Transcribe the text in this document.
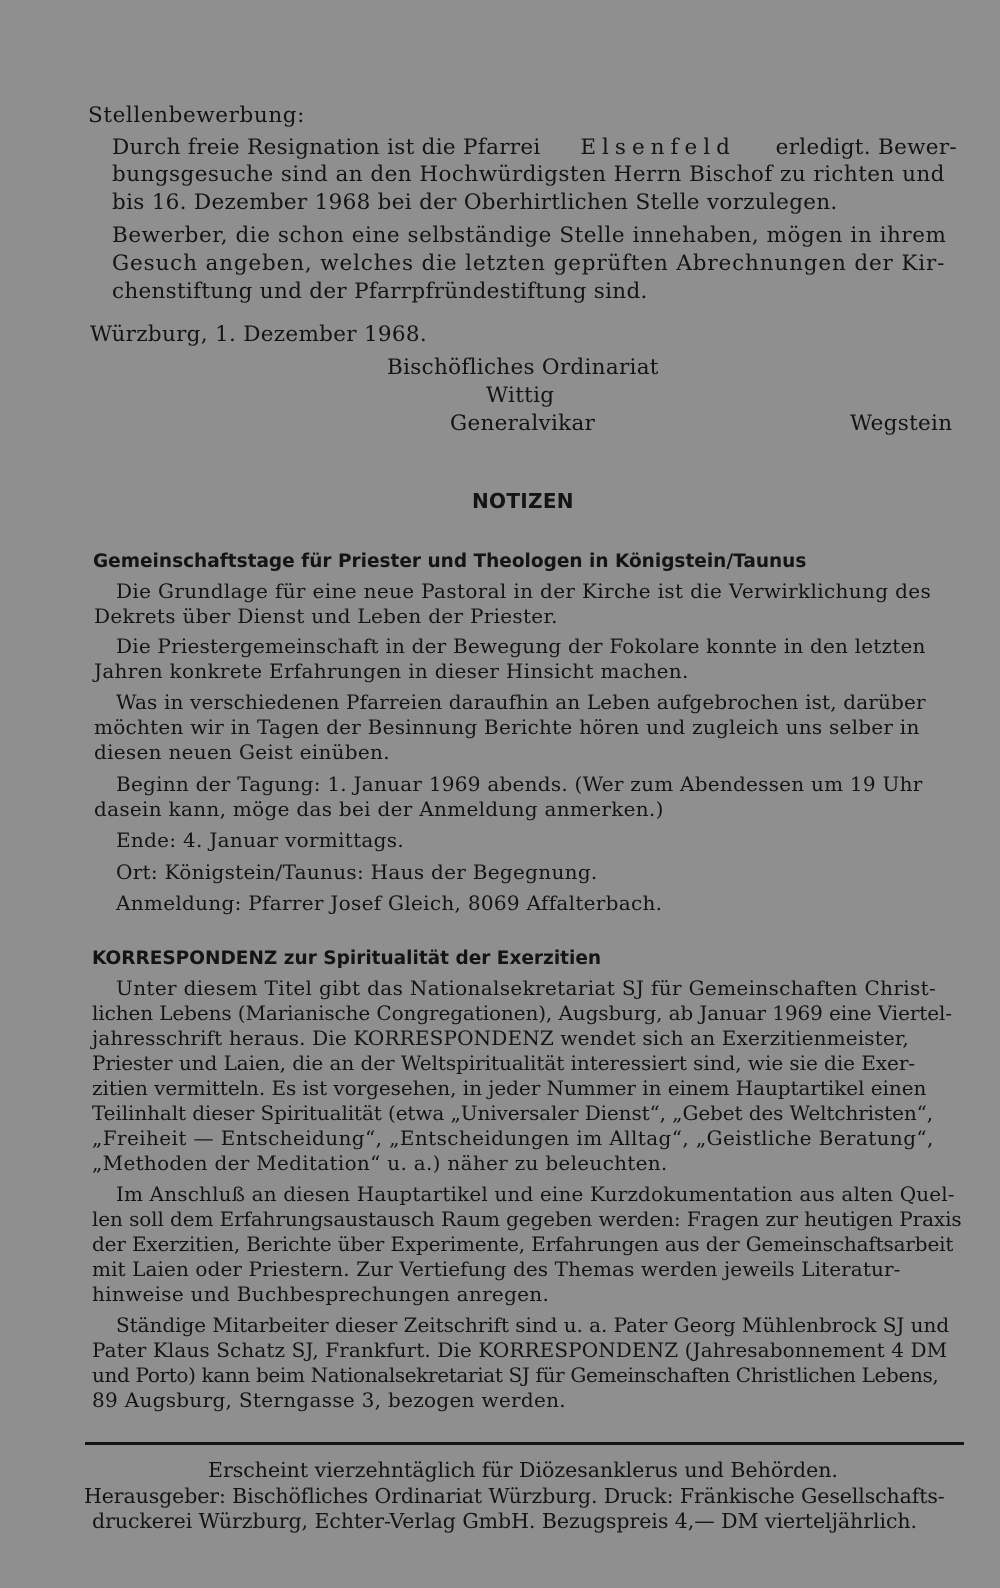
Stellenbewerbung:
Durch freie Resignation ist die Pfarrei Elsenfeld erledigt. Bewer-
bungsgesuche sind an den Hochwürdigsten Herrn Bischof zu richten und
bis 16. Dezember 1968 bei der Oberhirtlichen Stelle vorzulegen.
Bewerber, die schon eine selbständige Stelle innehaben, mögen in ihrem
Gesuch angeben, welches die letzten geprüften Abrechnungen der Kir-
chenstiftung und der Pfarrpfründestiftung sind.
Würzburg, 1. Dezember 1968.
Bischöfliches Ordinariat
Wittig
Generalvikar	Wegstein
NOTIZEN
Gemeinschaftstage für Priester und Theologen in Königstein/Taunus
Die Grundlage für eine neue Pastoral in der Kirche ist die Verwirklichung des
Dekrets über Dienst und Leben der Priester.
Die Priestergemeinschaft in der Bewegung der Fokolare konnte in den letzten
Jahren konkrete Erfahrungen in dieser Hinsicht machen.
Was in verschiedenen Pfarreien daraufhin an Leben aufgebrochen ist, darüber
möchten wir in Tagen der Besinnung Berichte hören und zugleich uns selber in
diesen neuen Geist einüben.
Beginn der Tagung: 1. Januar 1969 abends. (Wer zum Abendessen um 19 Uhr
dasein kann, möge das bei der Anmeldung anmerken.)
Ende: 4. Januar vormittags.
Ort: Königstein/Taunus: Haus der Begegnung.
Anmeldung: Pfarrer Josef Gleich, 8069 Affalterbach.
KORRESPONDENZ zur Spiritualität der Exerzitien
Unter diesem Titel gibt das Nationalsekretariat SJ für Gemeinschaften Christ-
lichen Lebens (Marianische Congregationen), Augsburg, ab Januar 1969 eine Viertel-
jahresschrift heraus. Die KORRESPONDENZ wendet sich an Exerzitienmeister,
Priester und Laien, die an der Weltspiritualität interessiert sind, wie sie die Exer-
zitien vermitteln. Es ist vorgesehen, in jeder Nummer in einem Hauptartikel einen
Teilinhalt dieser Spiritualität (etwa „Universaler Dienst“, „Gebet des Weltchristen“,
„Freiheit — Entscheidung“, „Entscheidungen im Alltag“, „Geistliche Beratung“,
„Methoden der Meditation“ u. a.) näher zu beleuchten.
Im Anschluß an diesen Hauptartikel und eine Kurzdokumentation aus alten Quel-
len soll dem Erfahrungsaustausch Raum gegeben werden: Fragen zur heutigen Praxis
der Exerzitien, Berichte über Experimente, Erfahrungen aus der Gemeinschaftsarbeit
mit Laien oder Priestern. Zur Vertiefung des Themas werden jeweils Literatur-
hinweise und Buchbesprechungen anregen.
Ständige Mitarbeiter dieser Zeitschrift sind u. a. Pater Georg Mühlenbrock SJ und
Pater Klaus Schatz SJ, Frankfurt. Die KORRESPONDENZ (Jahresabonnement 4 DM
und Porto) kann beim Nationalsekretariat SJ für Gemeinschaften Christlichen Lebens,
89 Augsburg, Sterngasse 3, bezogen werden.
Erscheint vierzehntäglich für Diözesanklerus und Behörden.
Herausgeber: Bischöfliches Ordinariat Würzburg. Druck: Fränkische Gesellschafts-
druckerei Würzburg, Echter-Verlag GmbH. Bezugspreis 4,— DM vierteljährlich.
